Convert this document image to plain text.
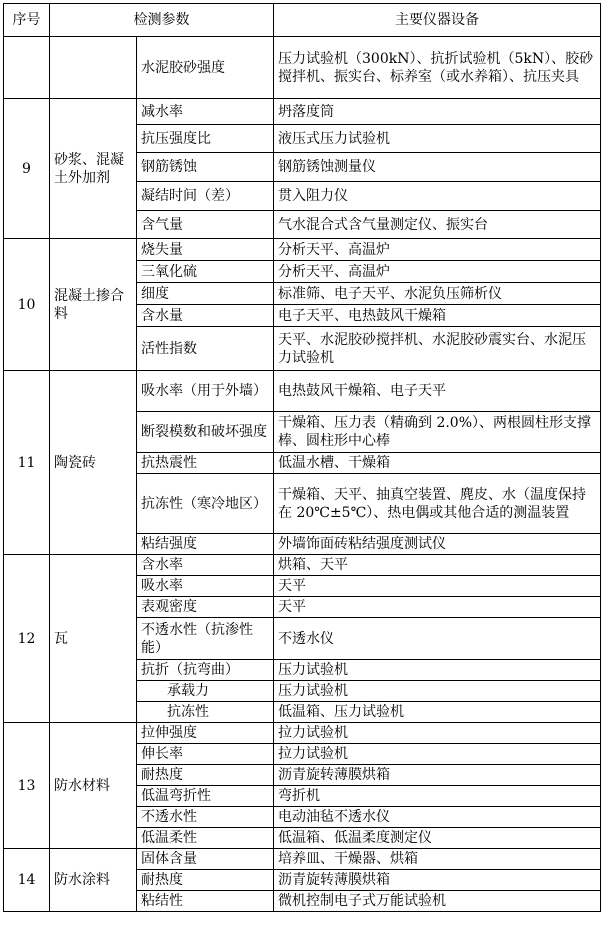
序号	检测参数		主要仪器设备
		水泥胶砂强度	压力试验机（300kN）、抗折试验机（5kN）、胶砂搅拌机、振实台、标养室（或水养箱）、抗压夹具
9	砂浆、混凝土外加剂	减水率	坍落度筒
		抗压强度比	液压式压力试验机
		钢筋锈蚀	钢筋锈蚀测量仪
		凝结时间（差）	贯入阻力仪
		含气量	气水混合式含气量测定仪、振实台
10	混凝土掺合料	烧失量	分析天平、高温炉
		三氧化硫	分析天平、高温炉
		细度	标准筛、电子天平、水泥负压筛析仪
		含水量	电子天平、电热鼓风干燥箱
		活性指数	天平、水泥胶砂搅拌机、水泥胶砂震实台、水泥压力试验机
11	陶瓷砖	吸水率（用于外墙）	电热鼓风干燥箱、电子天平
		断裂模数和破坏强度	干燥箱、压力表（精确到 2.0%）、两根圆柱形支撑棒、圆柱形中心棒
		抗热震性	低温水槽、干燥箱
		抗冻性（寒冷地区）	干燥箱、天平、抽真空装置、麂皮、水（温度保持在 20℃±5℃）、热电偶或其他合适的测温装置
		粘结强度	外墙饰面砖粘结强度测试仪
12	瓦	含水率	烘箱、天平
		吸水率	天平
		表观密度	天平
		不透水性（抗渗性能）	不透水仪
		抗折（抗弯曲）	压力试验机
		承载力	压力试验机
		抗冻性	低温箱、压力试验机
13	防水材料	拉伸强度	拉力试验机
		伸长率	拉力试验机
		耐热度	沥青旋转薄膜烘箱
		低温弯折性	弯折机
		不透水性	电动油毡不透水仪
		低温柔性	低温箱、低温柔度测定仪
14	防水涂料	固体含量	培养皿、干燥器、烘箱
		耐热度	沥青旋转薄膜烘箱
		粘结性	微机控制电子式万能试验机
